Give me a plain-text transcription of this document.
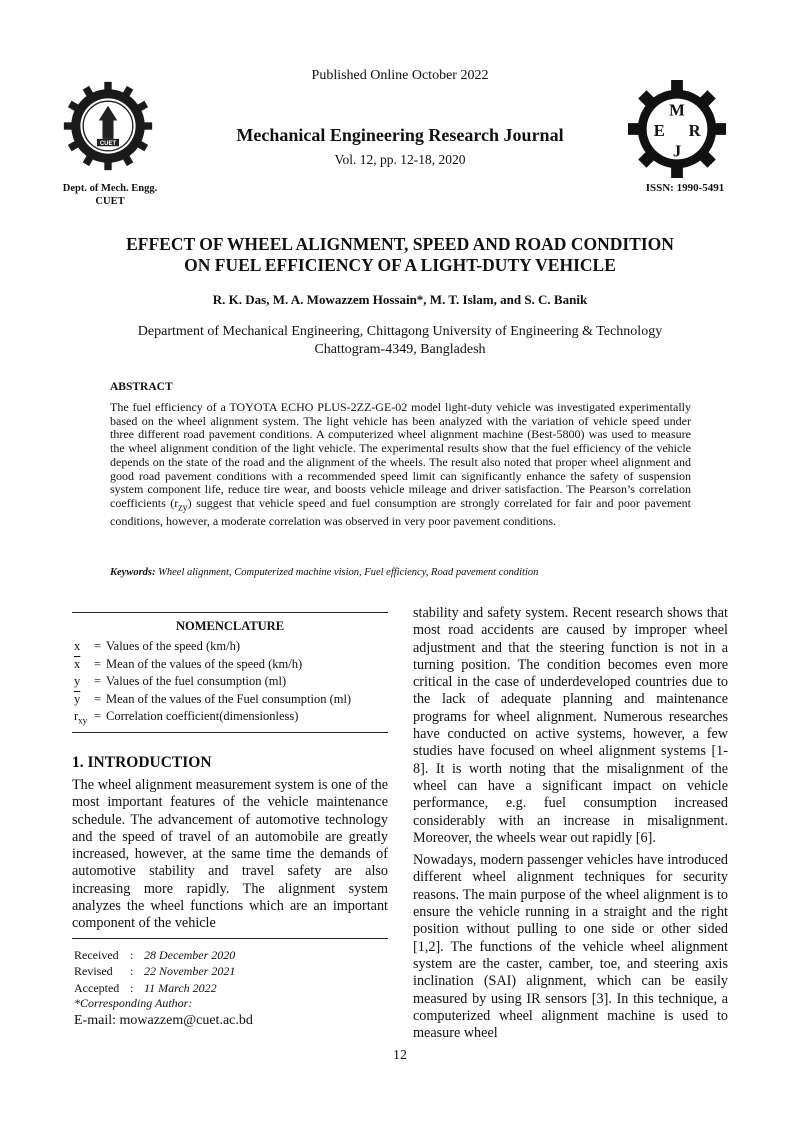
Published Online October 2022
Mechanical Engineering Research Journal
Vol. 12, pp. 12-18, 2020
CUET
Dept. of Mech. Engg.
CUET
M
E R
J
ISSN: 1990-5491
EFFECT OF WHEEL ALIGNMENT, SPEED AND ROAD CONDITION
ON FUEL EFFICIENCY OF A LIGHT-DUTY VEHICLE
R. K. Das, M. A. Mowazzem Hossain*, M. T. Islam, and S. C. Banik
Department of Mechanical Engineering, Chittagong University of Engineering & Technology
Chattogram-4349, Bangladesh
ABSTRACT
The fuel efficiency of a TOYOTA ECHO PLUS-2ZZ-GE-02 model light-duty vehicle was investigated experimentally based on the wheel alignment system. The light vehicle has been analyzed with the variation of vehicle speed under three different road pavement conditions. A computerized wheel alignment machine (Best-5800) was used to measure the wheel alignment condition of the light vehicle. The experimental results show that the fuel efficiency of the vehicle depends on the state of the road and the alignment of the wheels. The result also noted that proper wheel alignment and good road pavement conditions with a recommended speed limit can significantly enhance the safety of suspension system component life, reduce tire wear, and boosts vehicle mileage and driver satisfaction. The Pearson’s correlation coefficients $(r_{zy})$ suggest that vehicle speed and fuel consumption are strongly correlated for fair and poor pavement conditions, however, a moderate correlation was observed in very poor pavement conditions.
Keywords: Wheel alignment, Computerized machine vision, Fuel efficiency, Road pavement condition
NOMENCLATURE
x	= Values of the speed (km/h)
$\overline{x}$	= Mean of the values of the speed (km/h)
y	= Values of the fuel consumption (ml)
$\overline{y}$	= Mean of the values of the Fuel consumption (ml)
$r_{xy}$ = Correlation coefficient(dimensionless)
1. INTRODUCTION

The wheel alignment measurement system is one of the most important features of the vehicle maintenance schedule. The advancement of automotive technology and the speed of travel of an automobile are greatly increased, however, at the same time the demands of automotive stability and travel safety are also increasing more rapidly. The alignment system analyzes the wheel functions which are an important component of the vehicle

stability and safety system. Recent research shows that most road accidents are caused by improper wheel adjustment and that the steering function is not in a turning position. The condition becomes even more critical in the case of underdeveloped countries due to the lack of adequate planning and maintenance programs for wheel alignment. Numerous researches have conducted on active systems, however, a few studies have focused on wheel alignment systems [1-8]. It is worth noting that the misalignment of the wheel can have a significant impact on vehicle performance, e.g. fuel consumption increased considerably with an increase in misalignment. Moreover, the wheels wear out rapidly [6].

Nowadays, modern passenger vehicles have introduced different wheel alignment techniques for security reasons. The main purpose of the wheel alignment is to ensure the vehicle running in a straight and the right position without pulling to one side or other sided [1,2]. The functions of the vehicle wheel alignment system are the caster, camber, toe, and steering axis inclination (SAI) alignment, which can be easily measured by using IR sensors [3]. In this technique, a computerized wheel alignment machine is used to measure wheel

Received : 28 December 2020
Revised	: 22 November 2021
Accepted : 11 March 2022
*Corresponding Author:
E-mail: mowazzem@cuet.ac.bd
12
